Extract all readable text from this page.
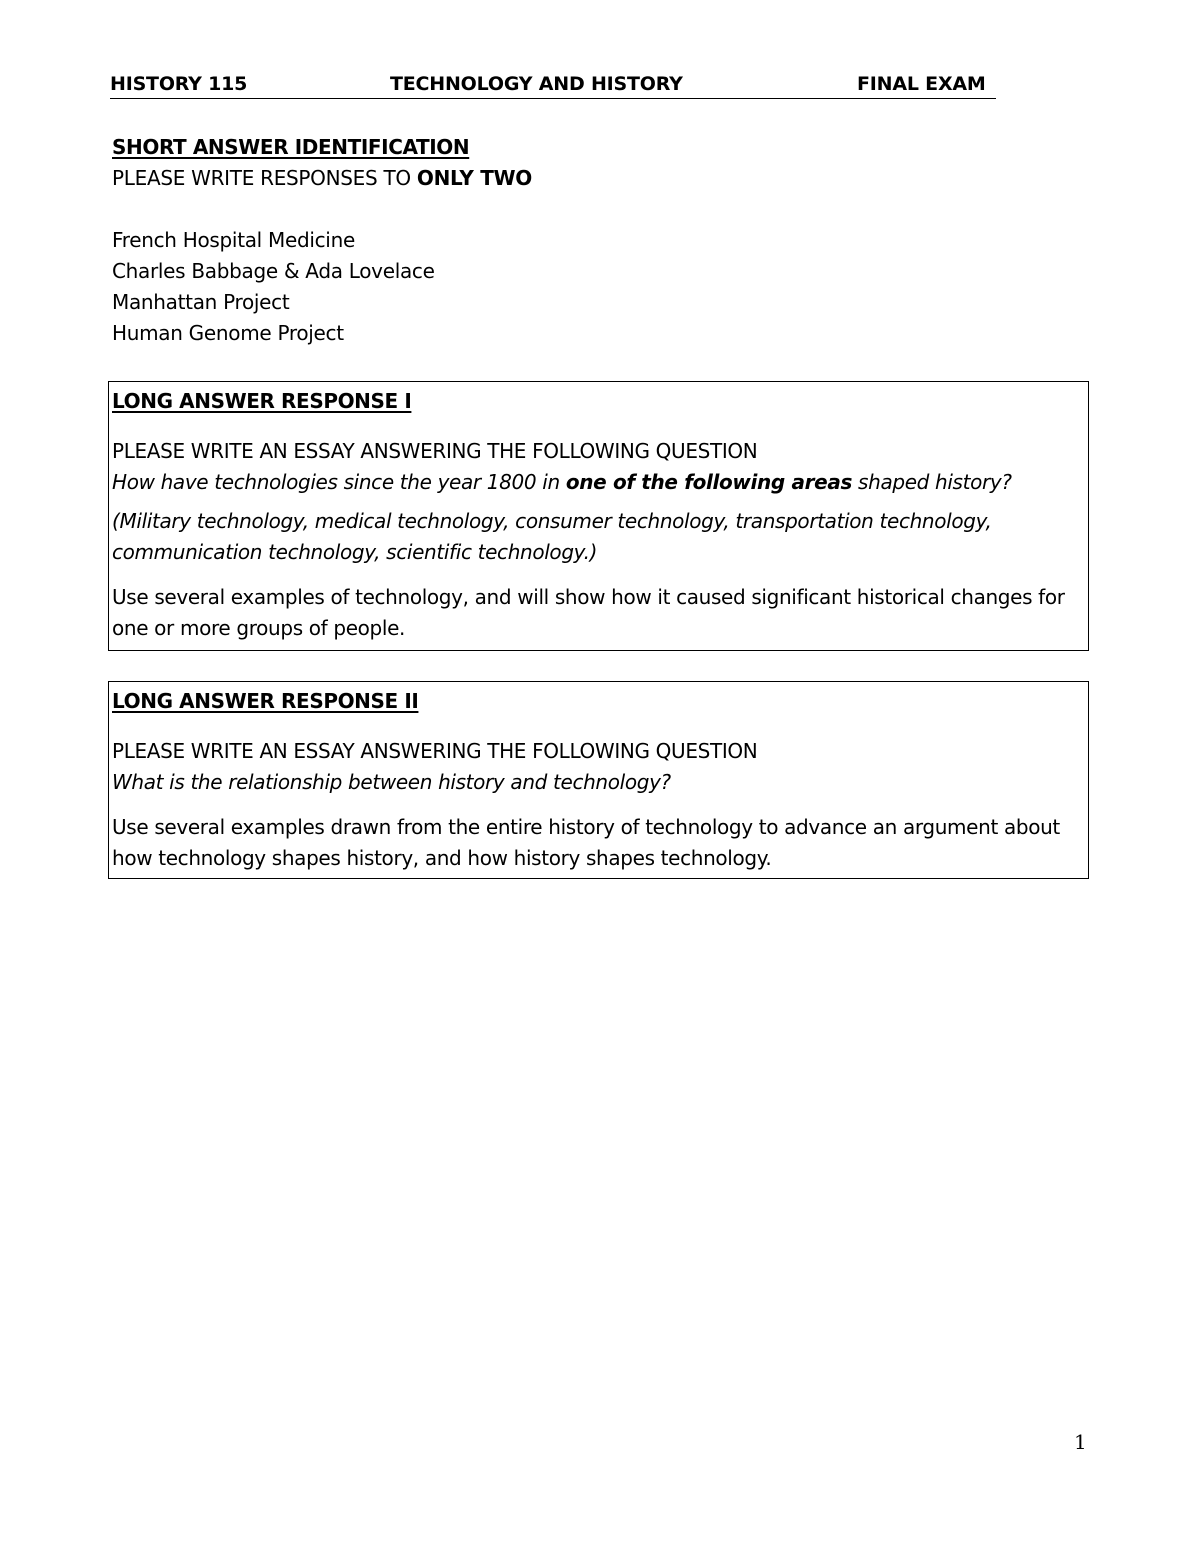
HISTORY 115	TECHNOLOGY AND HISTORY	FINAL EXAM
SHORT ANSWER IDENTIFICATION

PLEASE WRITE RESPONSES TO ONLY TWO

French Hospital Medicine
Charles Babbage & Ada Lovelace
Manhattan Project
Human Genome Project

LONG ANSWER RESPONSE I

PLEASE WRITE AN ESSAY ANSWERING THE FOLLOWING QUESTION

How have technologies since the year 1800 in one of the following areas shaped history?

(Military technology, medical technology, consumer technology, transportation technology, communication technology, scientific technology.)

Use several examples of technology, and will show how it caused significant historical changes for one or more groups of people.

LONG ANSWER RESPONSE II

PLEASE WRITE AN ESSAY ANSWERING THE FOLLOWING QUESTION

What is the relationship between history and technology?

Use several examples drawn from the entire history of technology to advance an argument about how technology shapes history, and how history shapes technology.

1
